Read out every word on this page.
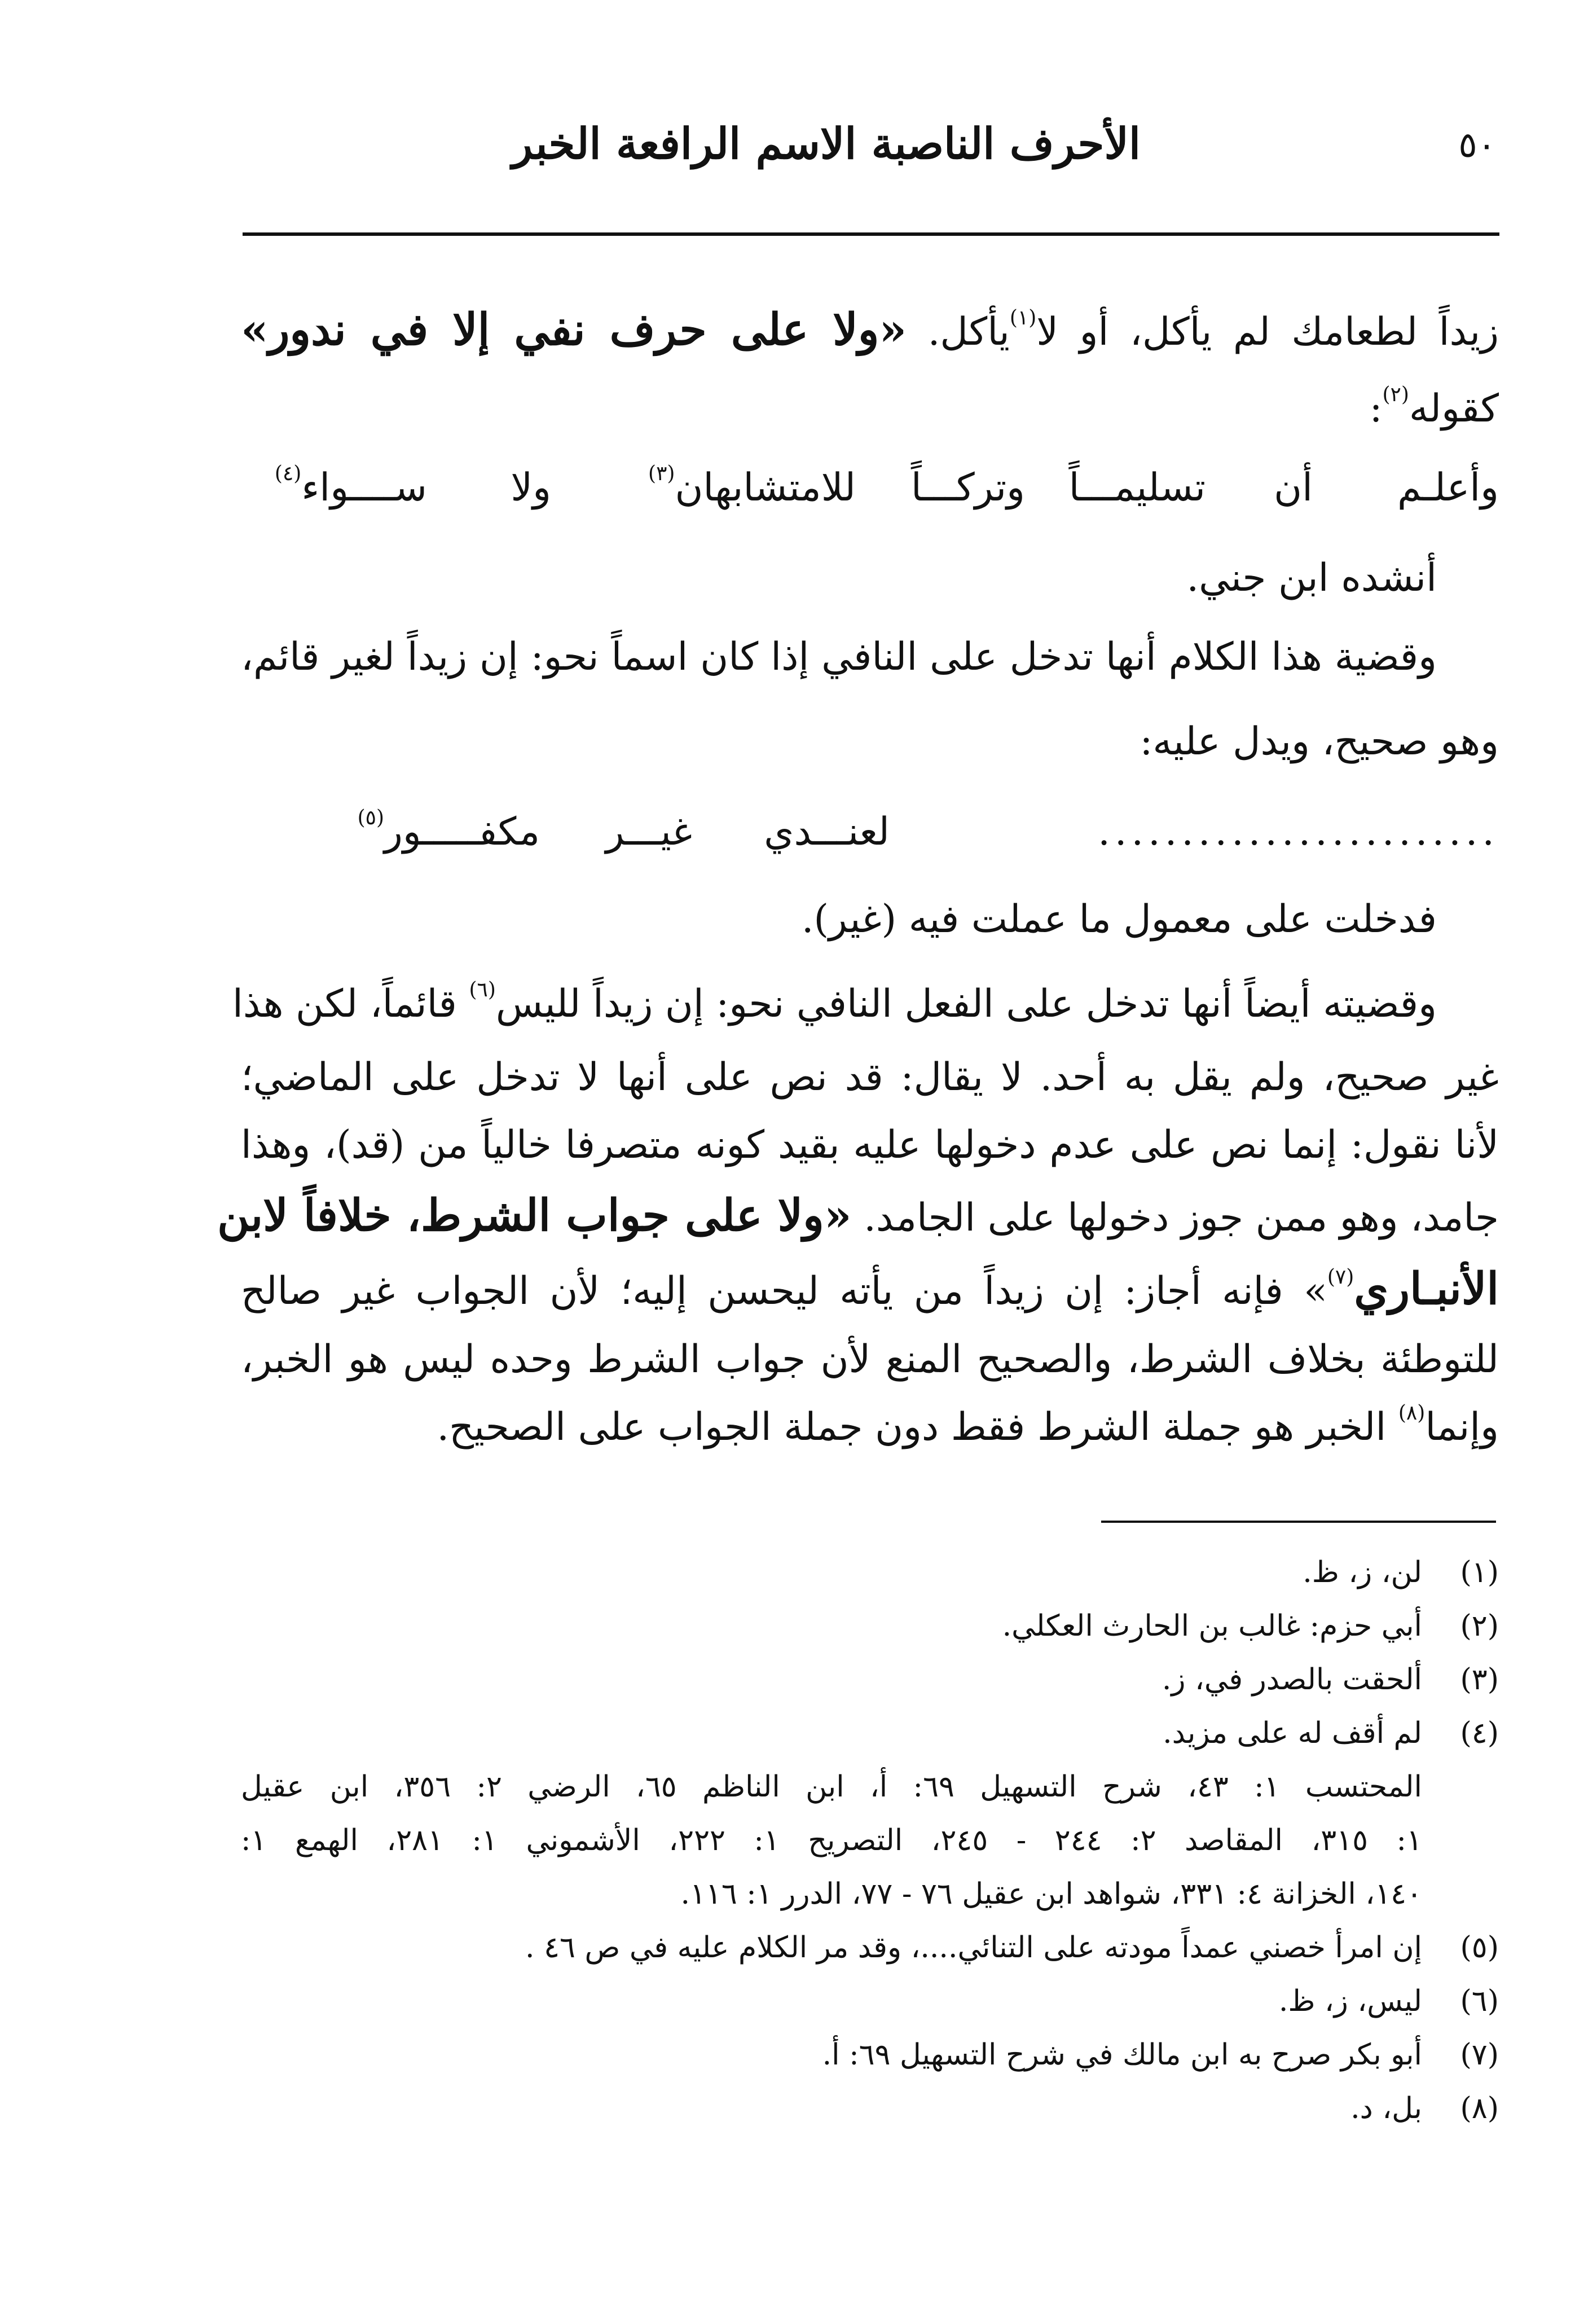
٥٠
الأحرف الناصبة الاسم الرافعة الخبر
زيداً لطعامك لم يأكل، أو لا$^{(١)}$يأكل. «ولا على حرف نفي إلا في ندور»
كقوله$^{(٢)}$:
وأعلـم
أن
تسليمـــاً
وتركـــاً
للامتشابهان$^{(٣)}$
ولا
ســــواء$^{(٤)}$
أنشده ابن جني.
وقضية هذا الكلام أنها تدخل على النافي إذا كان اسماً نحو: إن زيداً لغير قائم،
وهو صحيح، ويدل عليه:
........................
لعنـــدي
غيـــر
مكفـــــور$^{(٥)}$
فدخلت على معمول ما عملت فيه (غير).
وقضيته أيضاً أنها تدخل على الفعل النافي نحو: إن زيداً لليس$^{(٦)}$ قائماً، لكن هذا
غير صحيح، ولم يقل به أحد. لا يقال: قد نص على أنها لا تدخل على الماضي؛
لأنا نقول: إنما نص على عدم دخولها عليه بقيد كونه متصرفا خالياً من (قد)، وهذا
جامد، وهو ممن جوز دخولها على الجامد. «ولا على جواب الشرط، خلافاً لابن
الأنبـاري$^{(٧)}$» فإنه أجاز: إن زيداً من يأته ليحسن إليه؛ لأن الجواب غير صالح
للتوطئة بخلاف الشرط، والصحيح المنع لأن جواب الشرط وحده ليس هو الخبر،
وإنما$^{(٨)}$ الخبر هو جملة الشرط فقط دون جملة الجواب على الصحيح.
(١)
لن، ز، ظ.
(٢)
أبي حزم: غالب بن الحارث العكلي.
(٣)
ألحقت بالصدر في، ز.
(٤)
لم أقف له على مزيد.
المحتسب ١: ٤٣، شرح التسهيل ٦٩: أ، ابن الناظم ٦٥، الرضي ٢: ٣٥٦، ابن عقيل
١: ٣١٥، المقاصد ٢: ٢٤٤ - ٢٤٥، التصريح ١: ٢٢٢، الأشموني ١: ٢٨١، الهمع ١:
١٤٠، الخزانة ٤: ٣٣١، شواهد ابن عقيل ٧٦ - ٧٧، الدرر ١: ١١٦.
(٥)
إن امرأ خصني عمداً مودته على التنائي....، وقد مر الكلام عليه في ص ٤٦ .
(٦)
ليس، ز، ظ.
(٧)
أبو بكر صرح به ابن مالك في شرح التسهيل ٦٩: أ.
(٨)
بل، د.
